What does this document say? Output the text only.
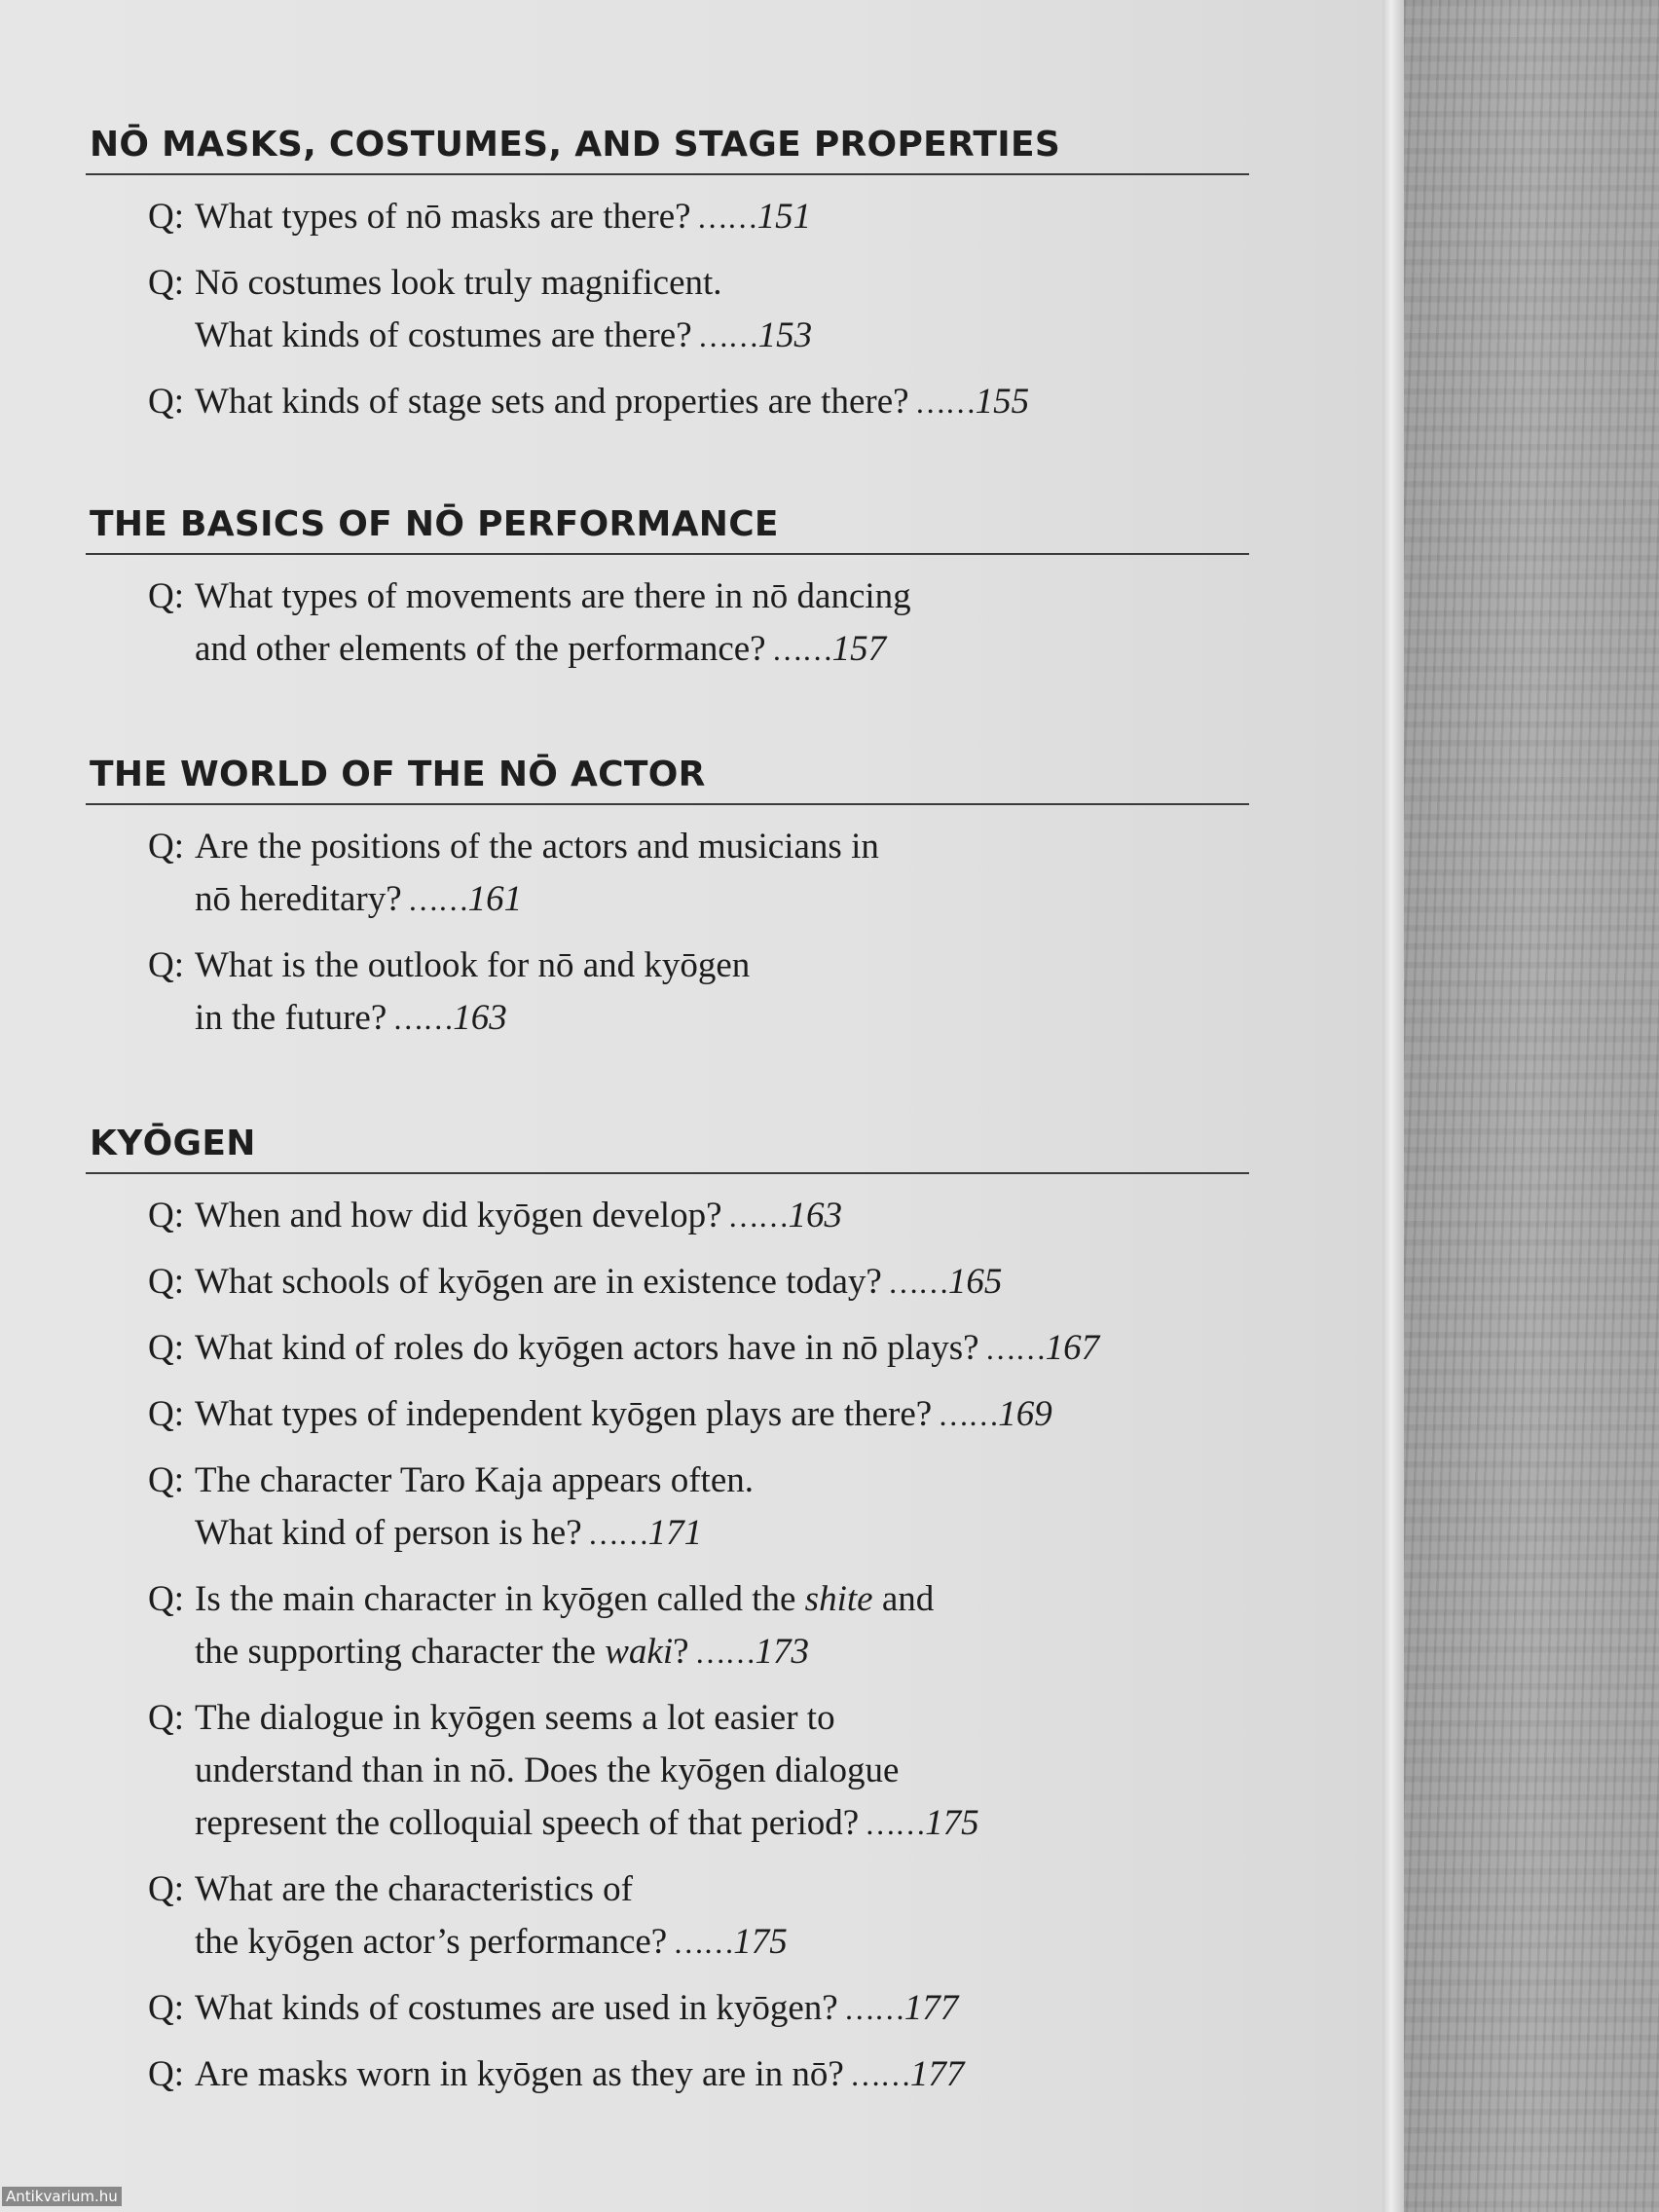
NŌ MASKS, COSTUMES, AND STAGE PROPERTIES
Q: What types of nō masks are there? ……151
Q: Nō costumes look truly magnificent.
What kinds of costumes are there? ……153
Q: What kinds of stage sets and properties are there? ……155
THE BASICS OF NŌ PERFORMANCE
Q: What types of movements are there in nō dancing
and other elements of the performance? ……157
THE WORLD OF THE NŌ ACTOR
Q: Are the positions of the actors and musicians in
nō hereditary? ……161
Q: What is the outlook for nō and kyōgen
in the future? ……163
KYŌGEN
Q: When and how did kyōgen develop? ……163
Q: What schools of kyōgen are in existence today? ……165
Q: What kind of roles do kyōgen actors have in nō plays? ……167
Q: What types of independent kyōgen plays are there? ……169
Q: The character Taro Kaja appears often.
What kind of person is he? ……171
Q: Is the main character in kyōgen called the shite and
the supporting character the waki? ……173
Q: The dialogue in kyōgen seems a lot easier to
understand than in nō. Does the kyōgen dialogue
represent the colloquial speech of that period? ……175
Q: What are the characteristics of
the kyōgen actor’s performance? ……175
Q: What kinds of costumes are used in kyōgen? ……177
Q: Are masks worn in kyōgen as they are in nō? ……177
Antikvarium.hu
